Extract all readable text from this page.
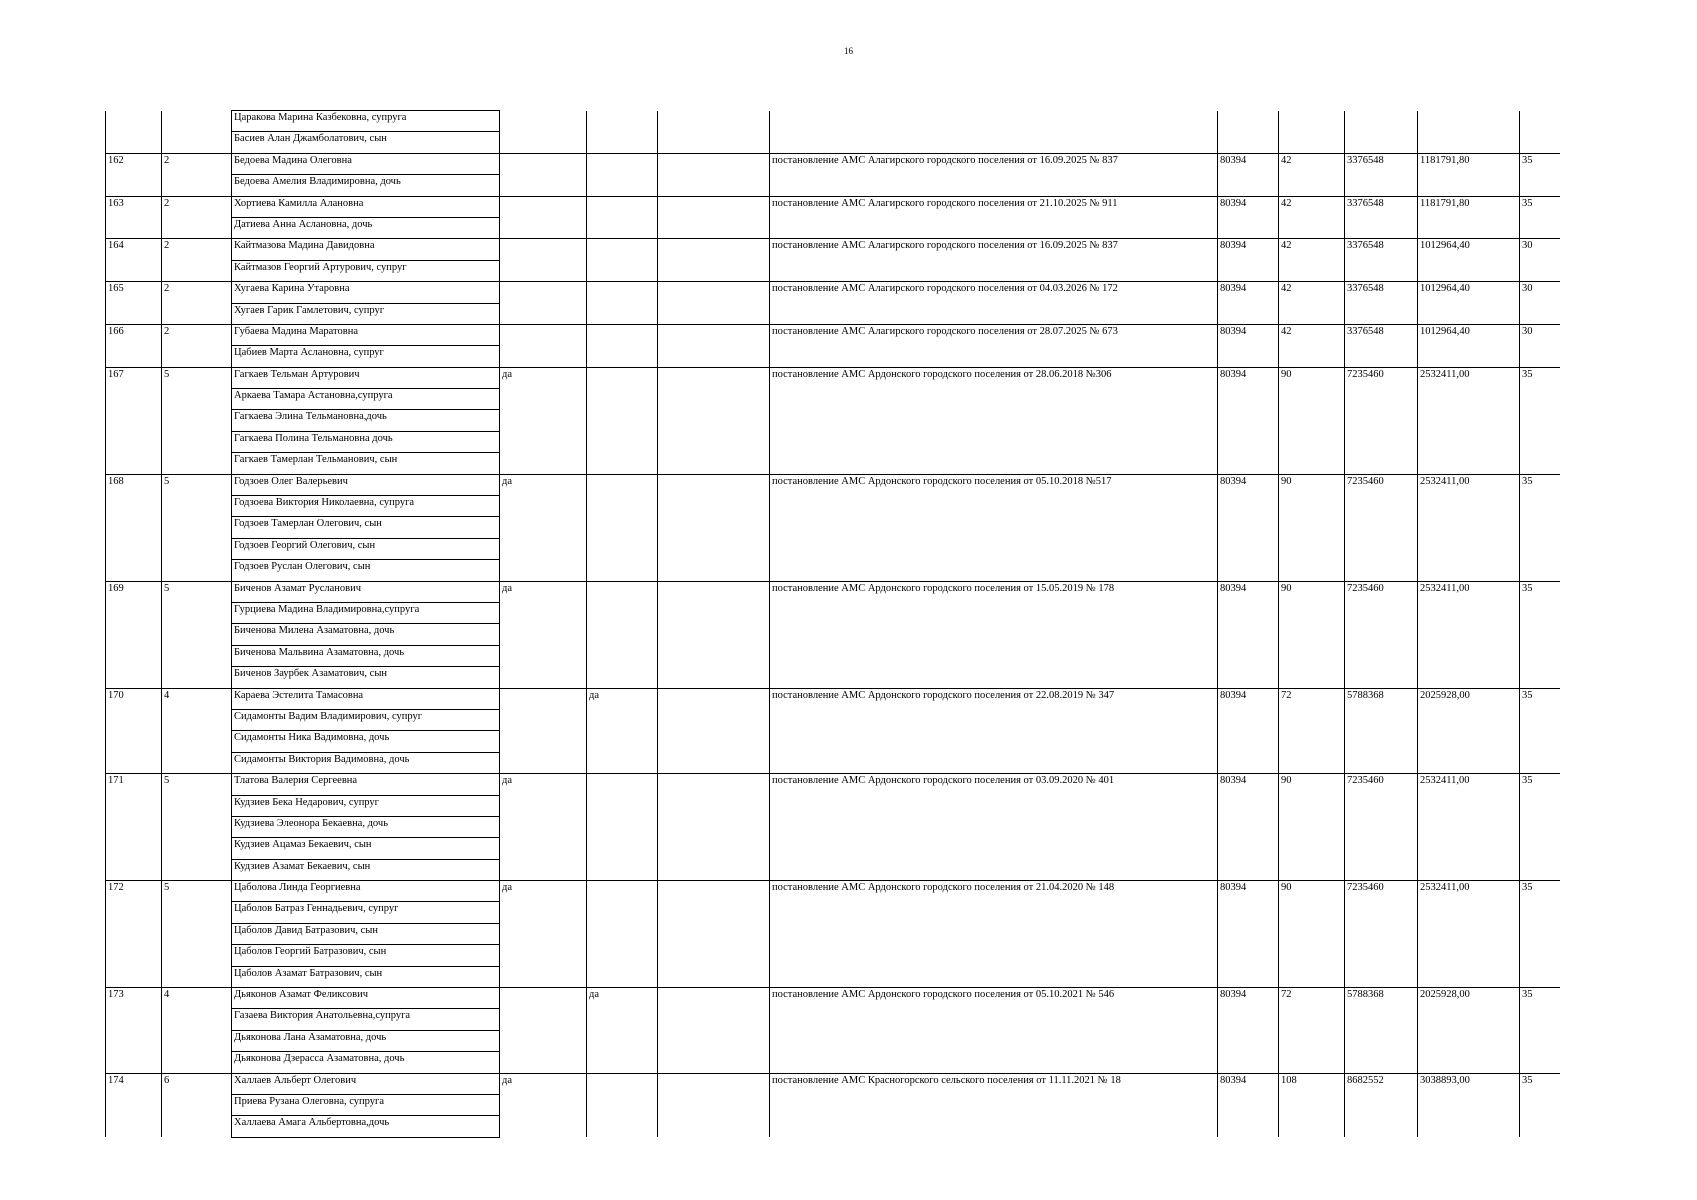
16
		Царакова Марина Казбековна, супруга									
		Басиев Алан Джамболатович, сын									
162	2	Бедоева Мадина Олеговна				постановление АМС Алагирского городского поселения от 16.09.2025 № 837	80394	42	3376548	1181791,80	35
		Бедоева Амелия Владимировна, дочь									
163	2	Хортиева Камилла Алановна				постановление АМС Алагирского городского поселения от 21.10.2025 № 911	80394	42	3376548	1181791,80	35
		Датиева Анна Аслановна, дочь									
164	2	Кайтмазова Мадина Давидовна				постановление АМС Алагирского городского поселения от 16.09.2025 № 837	80394	42	3376548	1012964,40	30
		Кайтмазов Георгий Артурович, супруг									
165	2	Хугаева Карина Утаровна				постановление АМС Алагирского городского поселения от 04.03.2026 № 172	80394	42	3376548	1012964,40	30
		Хугаев Гарик Гамлетович, супруг									
166	2	Губаева Мадина Маратовна				постановление АМС Алагирского городского поселения от 28.07.2025 № 673	80394	42	3376548	1012964,40	30
		Цабиев Марта Аслановна, супруг									
167	5	Гагкаев Тельман Артурович	да			постановление АМС Ардонского городского поселения от 28.06.2018 №306	80394	90	7235460	2532411,00	35
		Аркаева Тамара Астановна,супруга									
		Гагкаева Элина Тельмановна,дочь									
		Гагкаева Полина Тельмановна дочь									
		Гагкаев Тамерлан Тельманович, сын									
168	5	Годзоев Олег Валерьевич	да			постановление АМС Ардонского городского поселения от 05.10.2018 №517	80394	90	7235460	2532411,00	35
		Годзоева Виктория Николаевна, супруга									
		Годзоев Тамерлан Олегович, сын									
		Годзоев Георгий Олегович, сын									
		Годзоев Руслан Олегович, сын									
169	5	Биченов Азамат Русланович	да			постановление АМС Ардонского городского поселения от 15.05.2019 № 178	80394	90	7235460	2532411,00	35
		Гурциева Мадина Владимировна,супруга									
		Биченова Милена Азаматовна, дочь									
		Биченова Мальвина Азаматовна, дочь									
		Биченов Заурбек Азаматович, сын									
170	4	Караева Эстелита Тамасовна		да		постановление АМС Ардонского городского поселения от 22.08.2019 № 347	80394	72	5788368	2025928,00	35
		Сидамонты Вадим Владимирович, супруг									
		Сидамонты Ника Вадимовна, дочь									
		Сидамонты Виктория Вадимовна, дочь									
171	5	Тлатова Валерия Сергеевна	да			постановление АМС Ардонского городского поселения от 03.09.2020 № 401	80394	90	7235460	2532411,00	35
		Кудзиев Бека Недарович, супруг									
		Кудзиева Элеонора Бекаевна, дочь									
		Кудзиев Ацамаз Бекаевич, сын									
		Кудзиев Азамат Бекаевич, сын									
172	5	Цаболова Линда Георгиевна	да			постановление АМС Ардонского городского поселения от 21.04.2020 № 148	80394	90	7235460	2532411,00	35
		Цаболов Батраз Геннадьевич, супруг									
		Цаболов Давид Батразович, сын									
		Цаболов Георгий Батразович, сын									
		Цаболов Азамат Батразович, сын									
173	4	Дьяконов Азамат Феликсович		да		постановление АМС Ардонского городского поселения от 05.10.2021 № 546	80394	72	5788368	2025928,00	35
		Газаева Виктория Анатольевна,супруга									
		Дьяконова Лана Азаматовна, дочь									
		Дьяконова Дзерасса Азаматовна, дочь									
174	6	Халлаев Альберт Олегович	да			постановление АМС Красногорского сельского поселения от 11.11.2021 № 18	80394	108	8682552	3038893,00	35
		Приева Рузана Олеговна, супруга									
		Халлаева Амага Альбертовна,дочь									
